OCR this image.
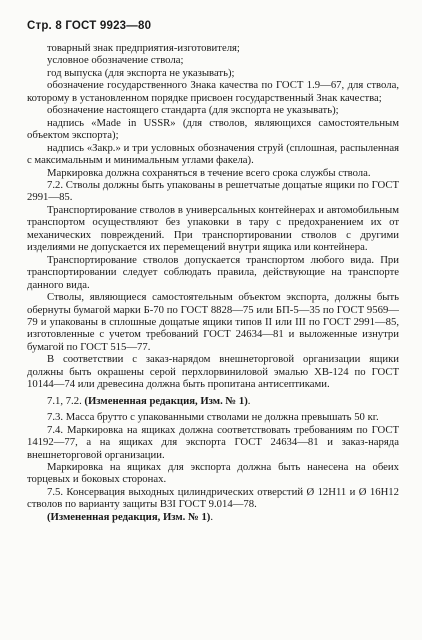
Стр. 8 ГОСТ 9923—80

товарный знак предприятия-изготовителя;

условное обозначение ствола;

год выпуска (для экспорта не указывать);

обозначение государственного Знака качества по ГОСТ 1.9—67, для ствола, которому в установленном порядке присвоен государственный Знак качества;

обозначение настоящего стандарта (для экспорта не указывать);

надпись «Made in USSR» (для стволов, являющихся самостоятельным объектом экспорта);

надпись «Закр.» и три условных обозначения струй (сплошная, распыленная с максимальным и минимальным углами факела).

Маркировка должна сохраняться в течение всего срока службы ствола.

7.2. Стволы должны быть упакованы в решетчатые дощатые ящики по ГОСТ 2991—85.

Транспортирование стволов в универсальных контейнерах и автомобильным транспортом осуществляют без упаковки в тару с предохранением их от механических повреждений. При транспортировании стволов с другими изделиями не допускается их перемещений внутри ящика или контейнера.

Транспортирование стволов допускается транспортом любого вида. При транспортировании следует соблюдать правила, действующие на транспорте данного вида.

Стволы, являющиеся самостоятельным объектом экспорта, должны быть обернуты бумагой марки Б-70 по ГОСТ 8828—75 или БП-5—35 по ГОСТ 9569—79 и упакованы в сплошные дощатые ящики типов II или III по ГОСТ 2991—85, изготовленные с учетом требований ГОСТ 24634—81 и выложенные изнутри бумагой по ГОСТ 515—77.

В соответствии с заказ-нарядом внешнеторговой организации ящики должны быть окрашены серой перхлорвиниловой эмалью ХВ-124 по ГОСТ 10144—74 или древесина должна быть пропитана антисептиками.

7.1, 7.2. (Измененная редакция, Изм. № 1).

7.3. Масса брутто с упакованными стволами не должна превышать 50 кг.

7.4. Маркировка на ящиках должна соответствовать требованиям по ГОСТ 14192—77, а на ящиках для экспорта ГОСТ 24634—81 и заказ-наряда внешнеторговой организации.

Маркировка на ящиках для экспорта должна быть нанесена на обеих торцевых и боковых сторонах.

7.5. Консервация выходных цилиндрических отверстий Ø 12Н11 и Ø 16Н12 стволов по варианту защиты В3І ГОСТ 9.014—78.

(Измененная редакция, Изм. № 1).
